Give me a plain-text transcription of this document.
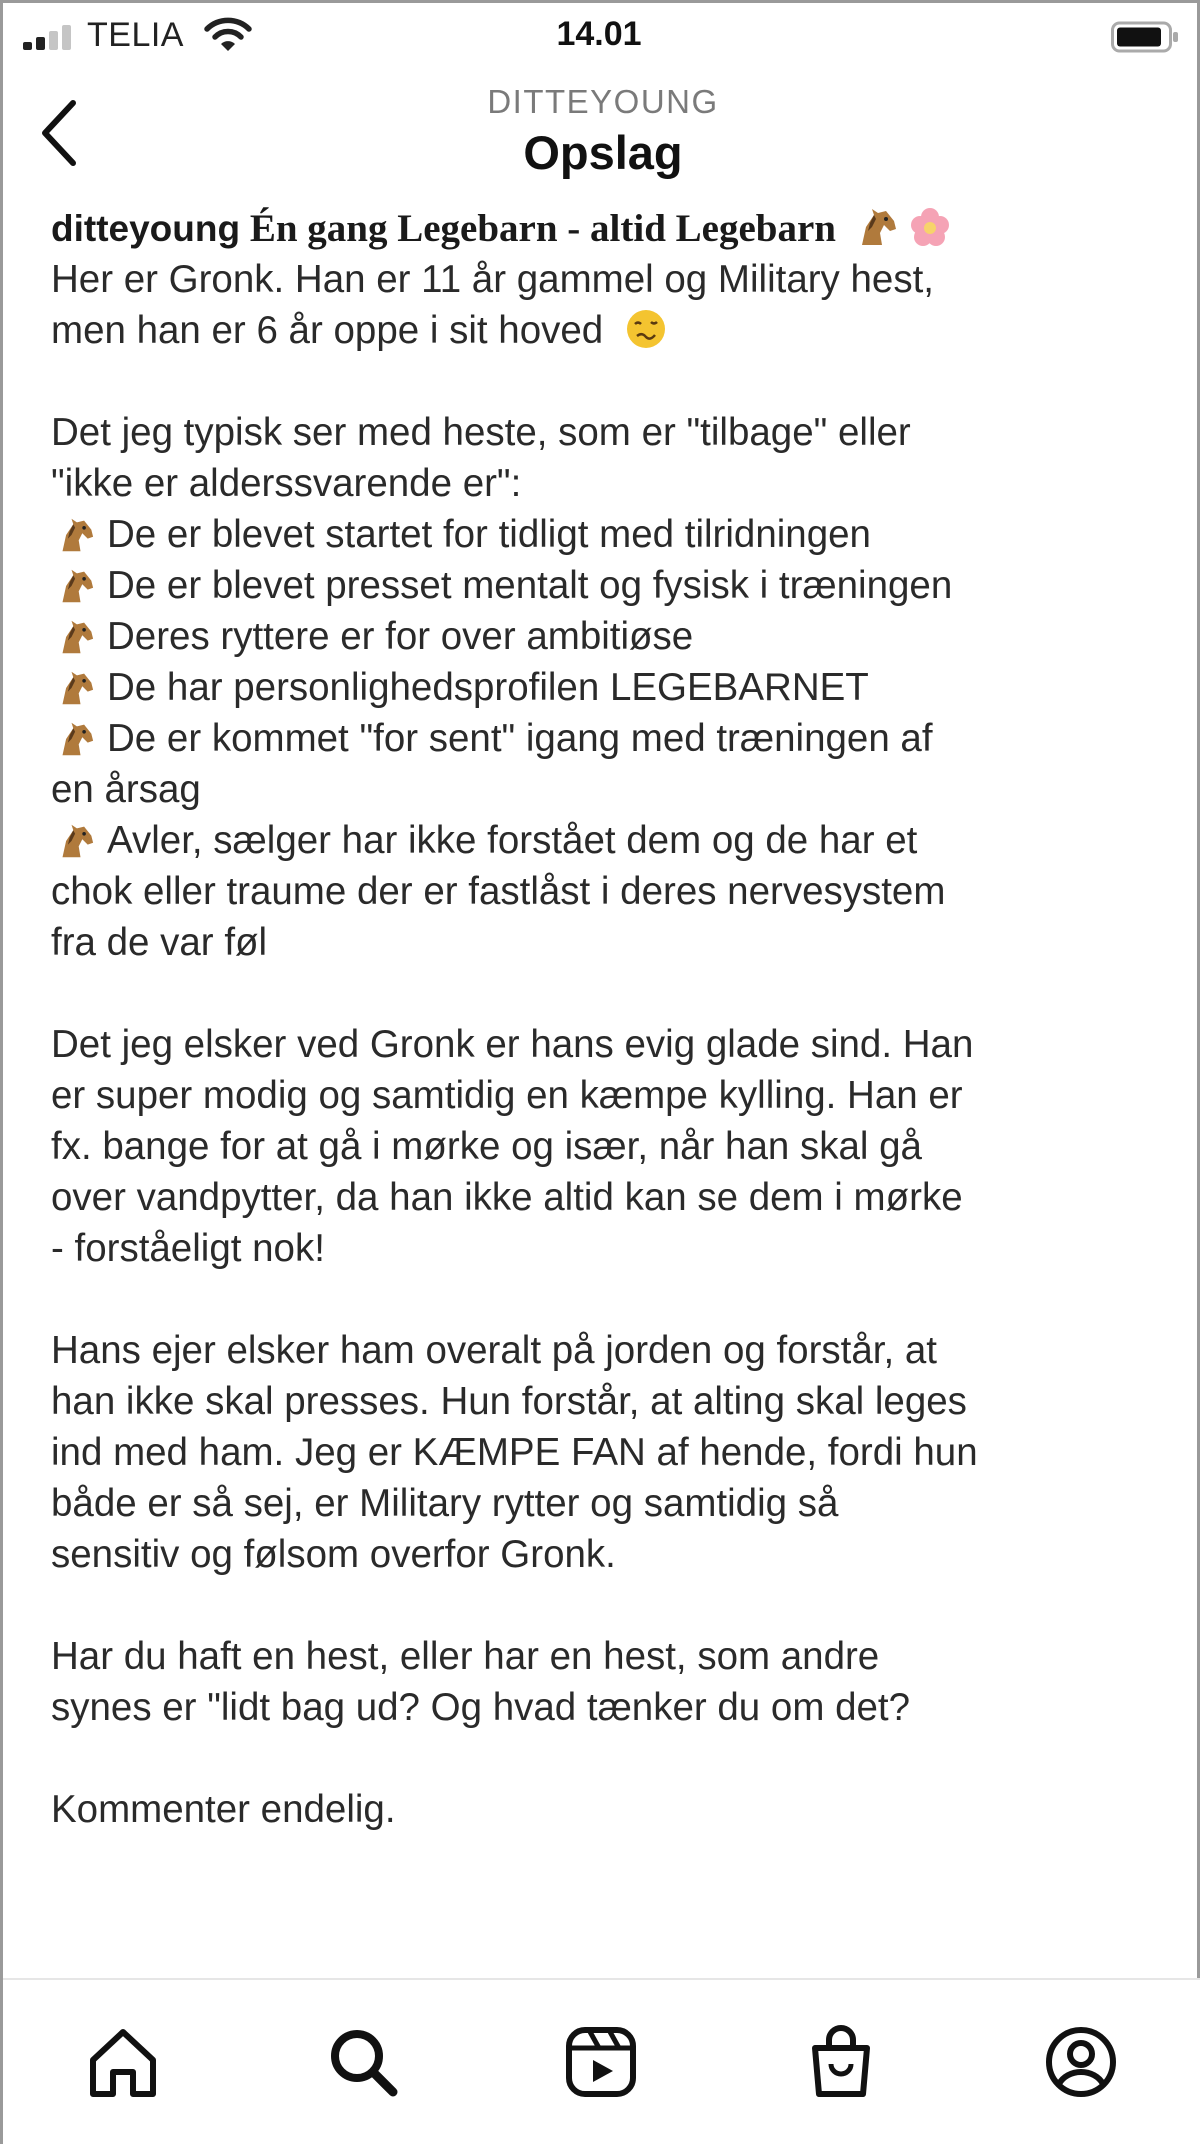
TELIA	14.01
DITTEYOUNG
Opslag
ditteyoung Én gang Legebarn - altid Legebarn
Her er Gronk. Han er 11 år gammel og Military hest,
men han er 6 år oppe i sit hoved
Det jeg typisk ser med heste, som er "tilbage" eller
"ikke er alderssvarende er":
De er blevet startet for tidligt med tilridningen
De er blevet presset mentalt og fysisk i træningen
Deres ryttere er for over ambitiøse
De har personlighedsprofilen LEGEBARNET
De er kommet "for sent" igang med træningen af
en årsag
Avler, sælger har ikke forstået dem og de har et
chok eller traume der er fastlåst i deres nervesystem
fra de var føl
Det jeg elsker ved Gronk er hans evig glade sind. Han
er super modig og samtidig en kæmpe kylling. Han er
fx. bange for at gå i mørke og især, når han skal gå
over vandpytter, da han ikke altid kan se dem i mørke
- forståeligt nok!
Hans ejer elsker ham overalt på jorden og forstår, at
han ikke skal presses. Hun forstår, at alting skal leges
ind med ham. Jeg er KÆMPE FAN af hende, fordi hun
både er så sej, er Military rytter og samtidig så
sensitiv og følsom overfor Gronk.
Har du haft en hest, eller har en hest, som andre
synes er "lidt bag ud? Og hvad tænker du om det?
Kommenter endelig.
